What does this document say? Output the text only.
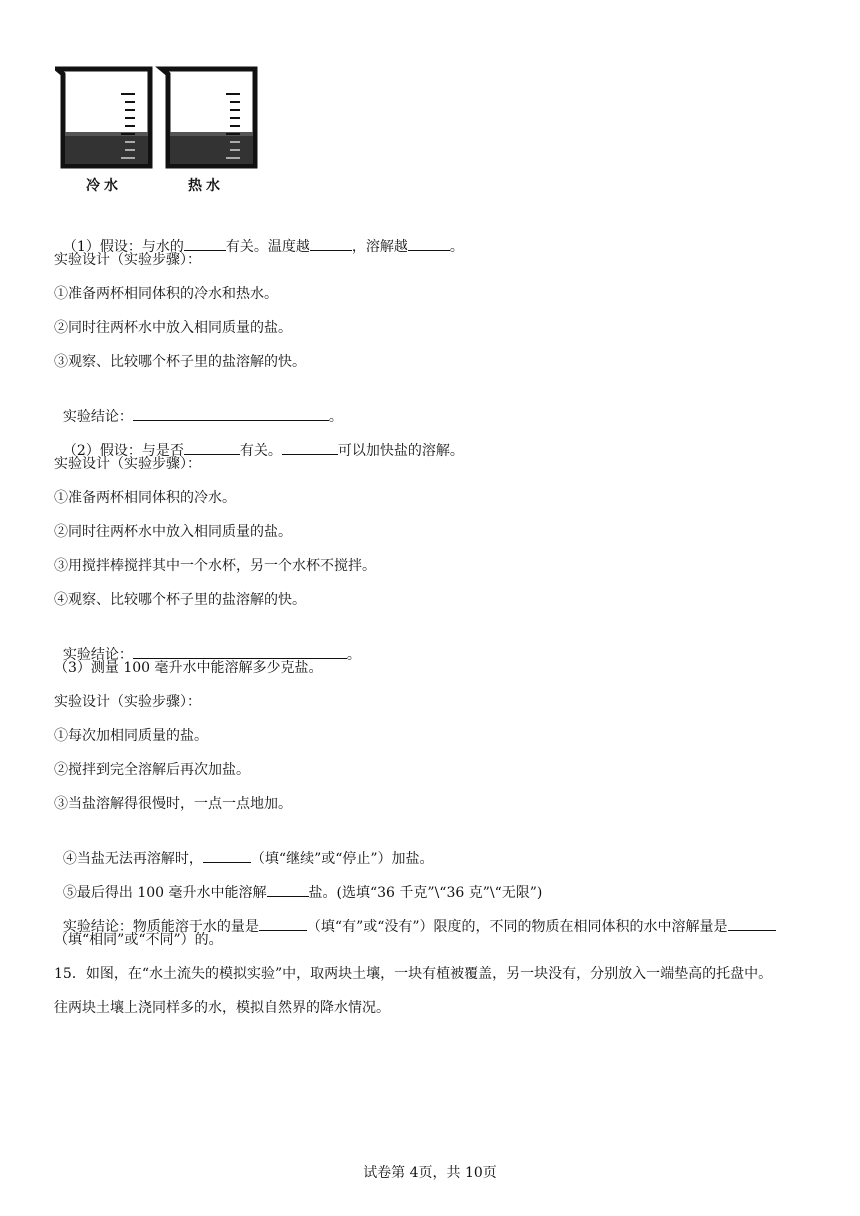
冷水	热水

（1）假设：与水的	有关。温度越	，溶解越	。

实验设计（实验步骤）：
①准备两杯相同体积的冷水和热水。
②同时往两杯水中放入相同质量的盐。
③观察、比较哪个杯子里的盐溶解的快。

实验结论：	。

（2）假设：与是否	有关。	可以加快盐的溶解。

实验设计（实验步骤）：
①准备两杯相同体积的冷水。
②同时往两杯水中放入相同质量的盐。
③用搅拌棒搅拌其中一个水杯，另一个水杯不搅拌。
④观察、比较哪个杯子里的盐溶解的快。

实验结论：	。

（3）测量 100 毫升水中能溶解多少克盐。
实验设计（实验步骤）：
①每次加相同质量的盐。
②搅拌到完全溶解后再次加盐。
③当盐溶解得很慢时，一点一点地加。

④当盐无法再溶解时，	（填“继续”或“停止”）加盐。

⑤最后得出 100 毫升水中能溶解	盐。(选填“36 千克”\“36 克”\“无限”)

实验结论：物质能溶于水的量是	（填“有”或“没有”）限度的，不同的物质在相同体积的水中溶解量是

（填“相同”或“不同”）的。
15．如图，在“水土流失的模拟实验”中，取两块土壤，一块有植被覆盖，另一块没有，分别放入一端垫高的托盘中。
往两块土壤上浇同样多的水，模拟自然界的降水情况。
试卷第 4页，共 10页
